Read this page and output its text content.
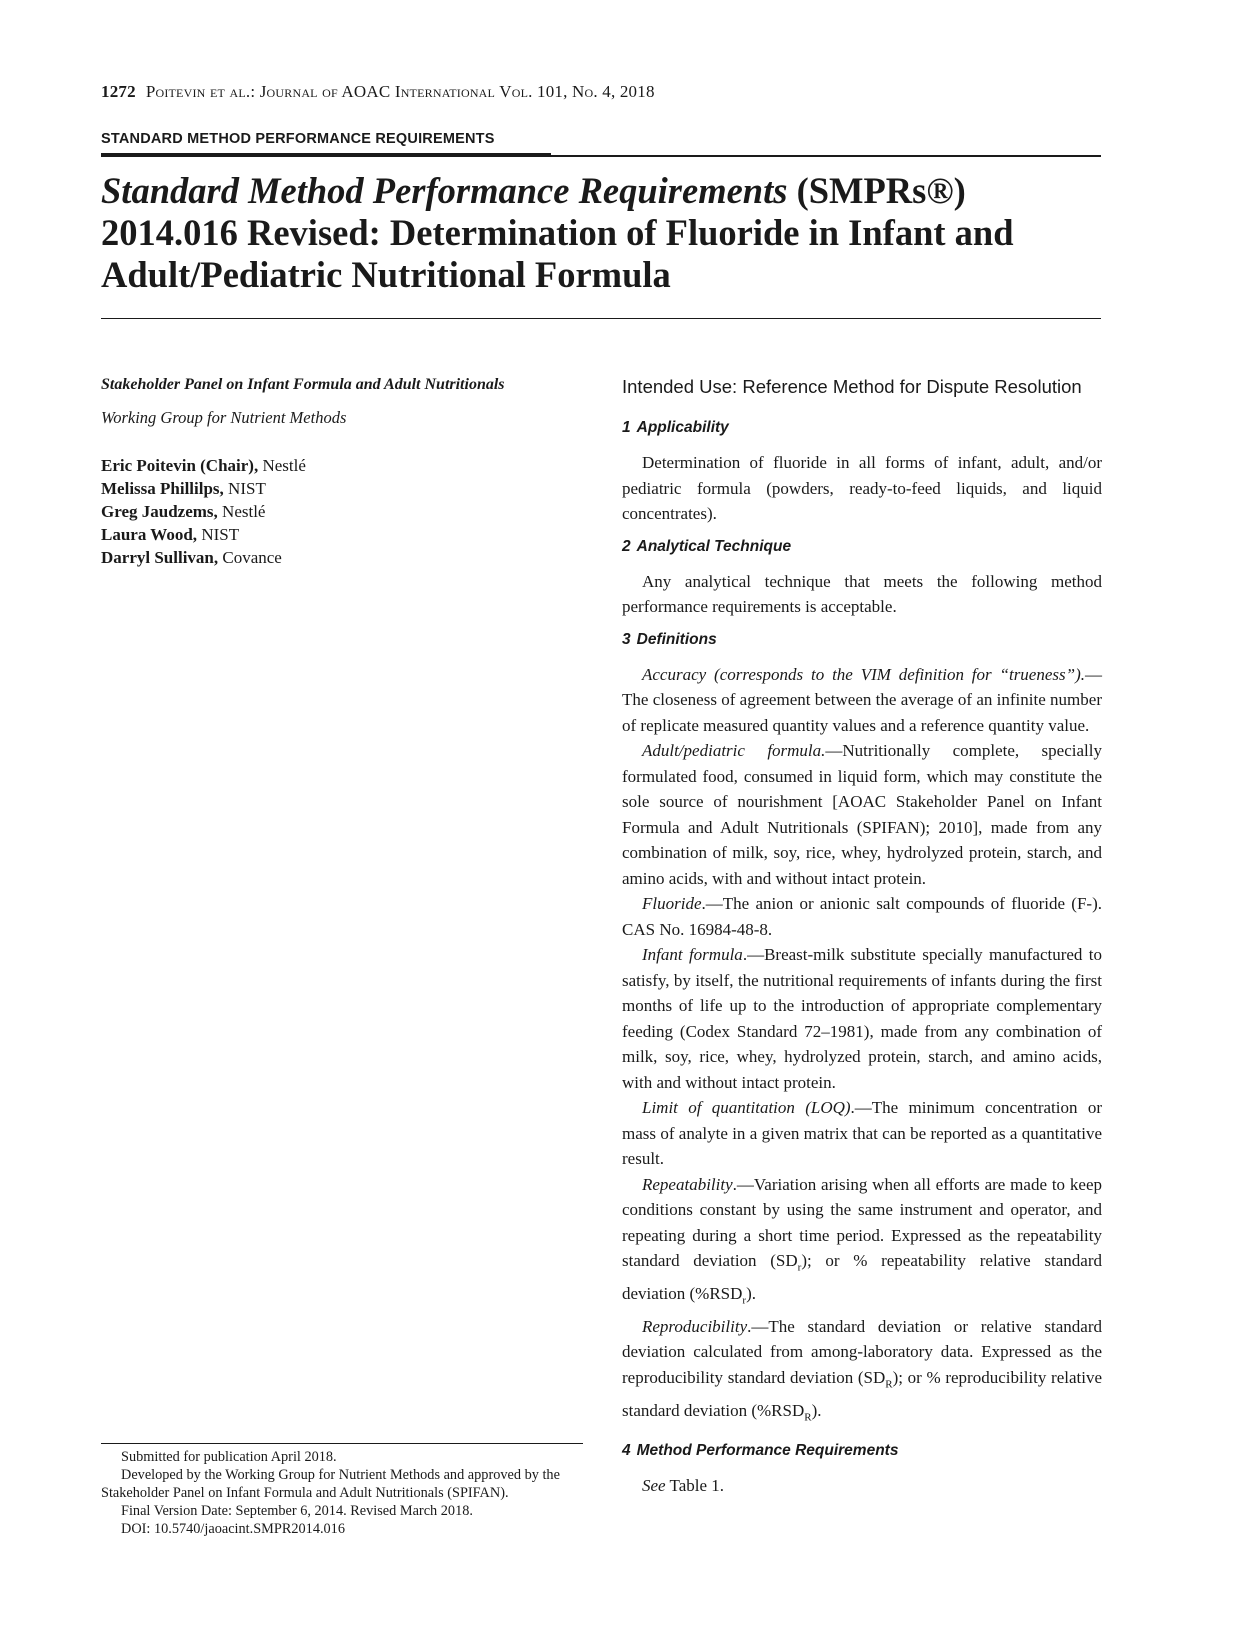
1272 Poitevin et al.: Journal of AOAC International Vol. 101, No. 4, 2018
STANDARD METHOD PERFORMANCE REQUIREMENTS
Standard Method Performance Requirements (SMPRs®)
2014.016 Revised: Determination of Fluoride in Infant and
Adult/Pediatric Nutritional Formula

Stakeholder Panel on Infant Formula and Adult Nutritionals

Working Group for Nutrient Methods

Eric Poitevin (Chair), Nestlé
Melissa Phillilps, NIST
Greg Jaudzems, Nestlé
Laura Wood, NIST
Darryl Sullivan, Covance

Submitted for publication April 2018.

Developed by the Working Group for Nutrient Methods and approved by the Stakeholder Panel on Infant Formula and Adult Nutritionals (SPIFAN).

Final Version Date: September 6, 2014. Revised March 2018.

DOI: 10.5740/jaoacint.SMPR2014.016

Intended Use: Reference Method for Dispute Resolution

1 Applicability

Determination of fluoride in all forms of infant, adult, and/or pediatric formula (powders, ready-to-feed liquids, and liquid concentrates).

2 Analytical Technique

Any analytical technique that meets the following method performance requirements is acceptable.

3 Definitions

Accuracy (corresponds to the VIM definition for “trueness”).—The closeness of agreement between the average of an infinite number of replicate measured quantity values and a reference quantity value.

Adult/pediatric formula.—Nutritionally complete, specially formulated food, consumed in liquid form, which may constitute the sole source of nourishment [AOAC Stakeholder Panel on Infant Formula and Adult Nutritionals (SPIFAN); 2010], made from any combination of milk, soy, rice, whey, hydrolyzed protein, starch, and amino acids, with and without intact protein.

Fluoride.—The anion or anionic salt compounds of fluoride (F-). CAS No. 16984-48-8.

Infant formula.—Breast-milk substitute specially manufactured to satisfy, by itself, the nutritional requirements of infants during the first months of life up to the introduction of appropriate complementary feeding (Codex Standard 72–1981), made from any combination of milk, soy, rice, whey, hydrolyzed protein, starch, and amino acids, with and without intact protein.

Limit of quantitation (LOQ).—The minimum concentration or mass of analyte in a given matrix that can be reported as a quantitative result.

Repeatability.—Variation arising when all efforts are made to keep conditions constant by using the same instrument and operator, and repeating during a short time period. Expressed as the repeatability standard deviation $(SD_r)$; or % repeatability relative standard deviation $(\%RSD_r)$.

Reproducibility.—The standard deviation or relative standard deviation calculated from among-laboratory data. Expressed as the reproducibility standard deviation $(SD_R)$; or % reproducibility relative standard deviation $(\%RSD_R)$.

4 Method Performance Requirements

See Table 1.
